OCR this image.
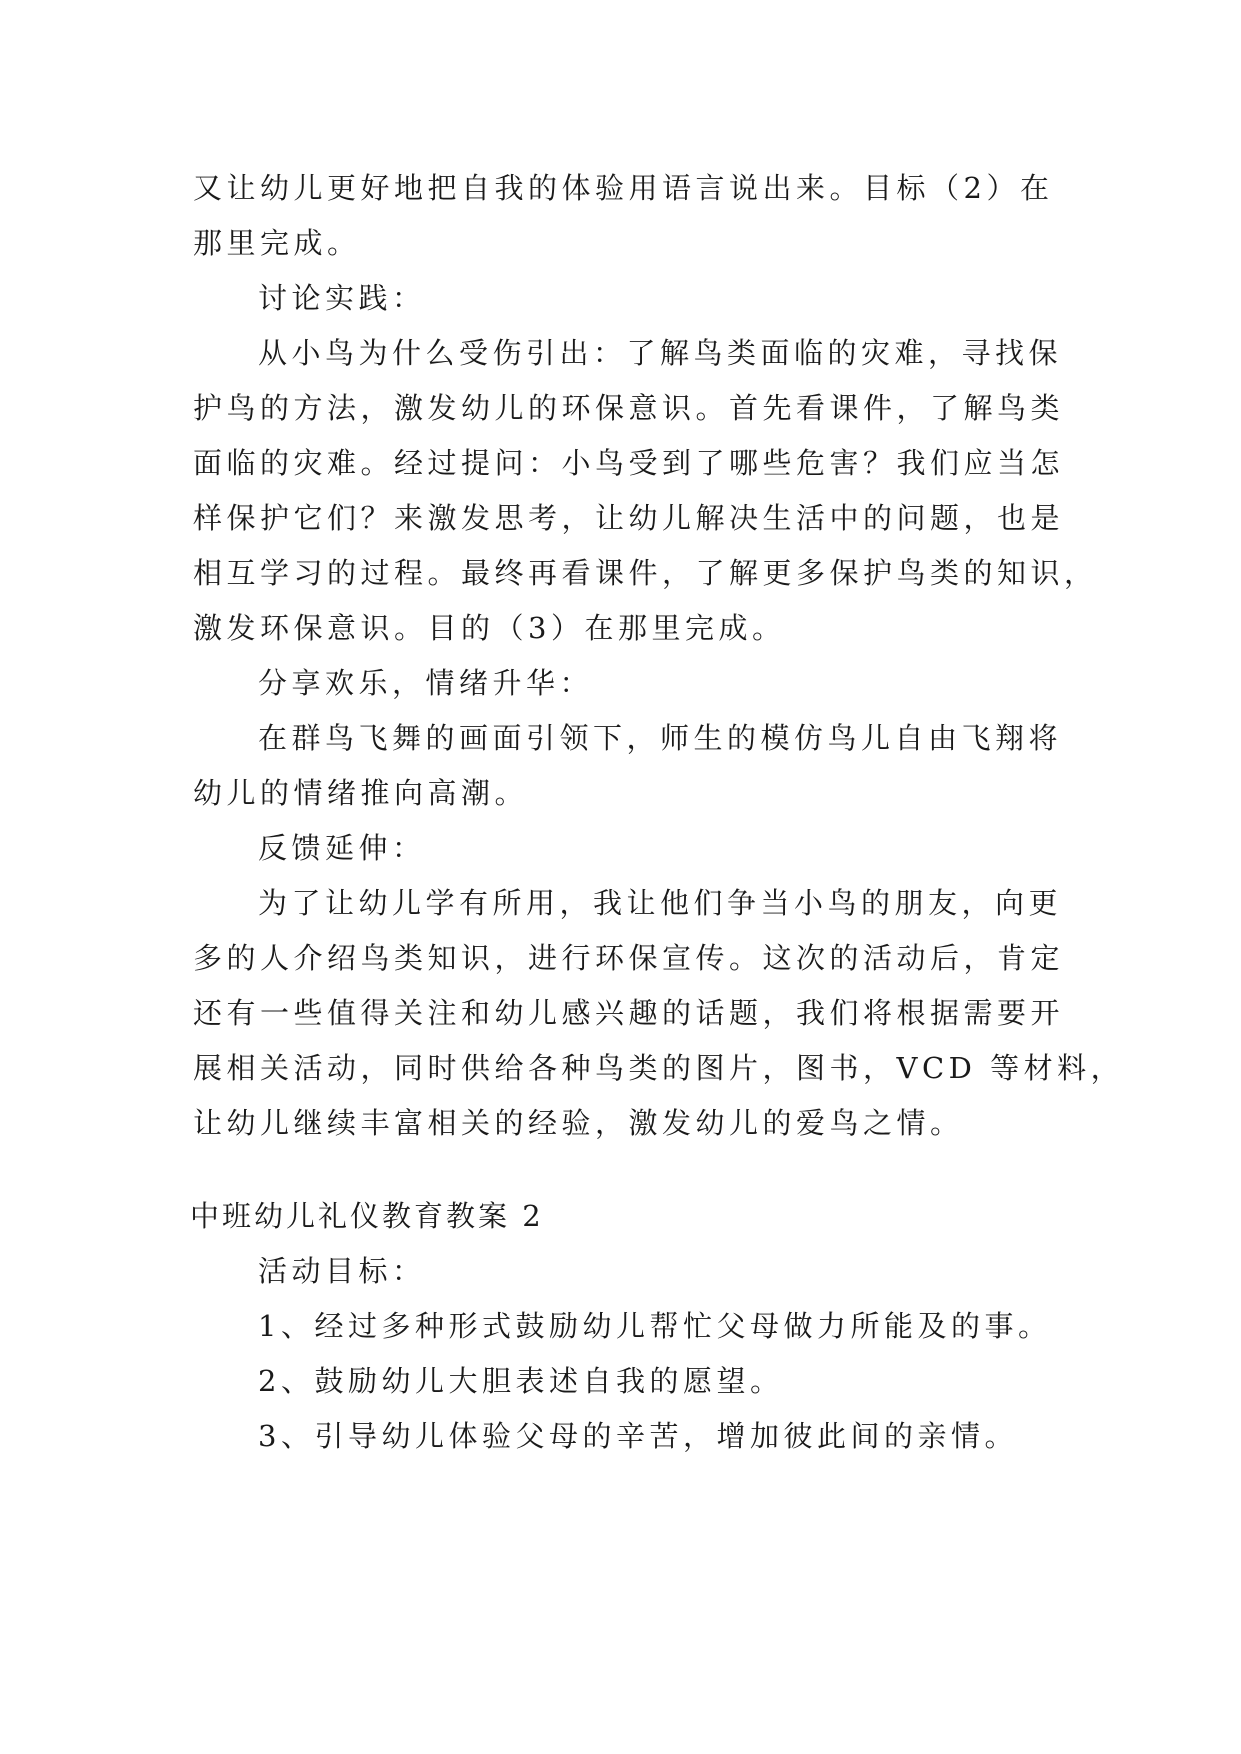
又让幼儿更好地把自我的体验用语言说出来。目标（2）在
那里完成。
讨论实践：
从小鸟为什么受伤引出：了解鸟类面临的灾难，寻找保
护鸟的方法，激发幼儿的环保意识。首先看课件，了解鸟类
面临的灾难。经过提问：小鸟受到了哪些危害？我们应当怎
样保护它们？来激发思考，让幼儿解决生活中的问题，也是
相互学习的过程。最终再看课件，了解更多保护鸟类的知识，
激发环保意识。目的（3）在那里完成。
分享欢乐，情绪升华：
在群鸟飞舞的画面引领下，师生的模仿鸟儿自由飞翔将
幼儿的情绪推向高潮。
反馈延伸：
为了让幼儿学有所用，我让他们争当小鸟的朋友，向更
多的人介绍鸟类知识，进行环保宣传。这次的活动后，肯定
还有一些值得关注和幼儿感兴趣的话题，我们将根据需要开
展相关活动，同时供给各种鸟类的图片，图书，VCD 等材料，
让幼儿继续丰富相关的经验，激发幼儿的爱鸟之情。
中班幼儿礼仪教育教案 2
活动目标：
1、经过多种形式鼓励幼儿帮忙父母做力所能及的事。
2、鼓励幼儿大胆表述自我的愿望。
3、引导幼儿体验父母的辛苦，增加彼此间的亲情。
